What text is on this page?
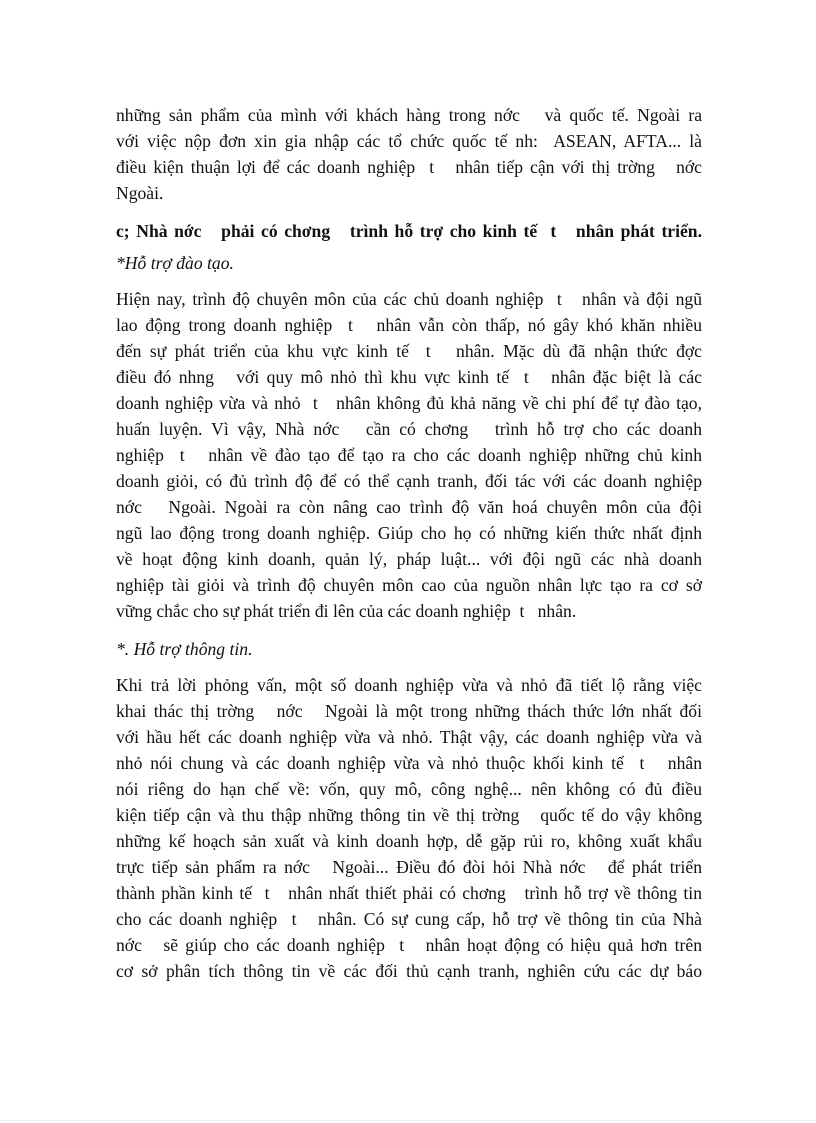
những sản phẩm của mình với khách hàng trong nớc   và quốc tế. Ngoài ra
với việc nộp đơn xin gia nhập các tổ chức quốc tế nh:  ASEAN, AFTA... là
điều kiện thuận lợi để các doanh nghiệp  t   nhân tiếp cận với thị trờng   nớc
Ngoài.
c; Nhà nớc   phải có chơng   trình hỗ trợ cho kinh tế  t   nhân phát triển.
*Hỗ trợ đào tạo.
Hiện nay, trình độ chuyên môn của các chủ doanh nghiệp  t   nhân và đội ngũ
lao động trong doanh nghiệp  t   nhân vẫn còn thấp, nó gây khó khăn nhiều
đến sự phát triển của khu vực kinh tế  t   nhân. Mặc dù đã nhận thức đợc
điều đó nhng   với quy mô nhỏ thì khu vực kinh tế  t   nhân đặc biệt là các
doanh nghiệp vừa và nhỏ  t   nhân không đủ khả năng về chi phí để tự đào tạo,
huấn luyện. Vì vậy, Nhà nớc   cần có chơng   trình hỗ trợ cho các doanh
nghiệp  t   nhân về đào tạo để tạo ra cho các doanh nghiệp những chủ kinh
doanh giỏi, có đủ trình độ để có thể cạnh tranh, đối tác với các doanh nghiệp
nớc   Ngoài. Ngoài ra còn nâng cao trình độ văn hoá chuyên môn của đội
ngũ lao động trong doanh nghiệp. Giúp cho họ có những kiến thức nhất định
về hoạt động kinh doanh, quản lý, pháp luật... với đội ngũ các nhà doanh
nghiệp tài giỏi và trình độ chuyên môn cao của nguồn nhân lực tạo ra cơ sở
vững chắc cho sự phát triển đi lên của các doanh nghiệp  t   nhân.
*. Hỗ trợ thông tin.
Khi trả lời phỏng vấn, một số doanh nghiệp vừa và nhỏ đã tiết lộ rằng việc
khai thác thị trờng   nớc   Ngoài là một trong những thách thức lớn nhất đối
với hầu hết các doanh nghiệp vừa và nhỏ. Thật vậy, các doanh nghiệp vừa và
nhỏ nói chung và các doanh nghiệp vừa và nhỏ thuộc khối kinh tế  t   nhân
nói riêng do hạn chế về: vốn, quy mô, công nghệ... nên không có đủ điều
kiện tiếp cận và thu thập những thông tin về thị trờng   quốc tế do vậy không
những kế hoạch sản xuất và kinh doanh hợp, dễ gặp rủi ro, không xuất khẩu
trực tiếp sản phẩm ra nớc   Ngoài... Điều đó đòi hỏi Nhà nớc   để phát triển
thành phần kinh tế  t   nhân nhất thiết phải có chơng   trình hỗ trợ về thông tin
cho các doanh nghiệp  t   nhân. Có sự cung cấp, hỗ trợ về thông tin của Nhà
nớc   sẽ giúp cho các doanh nghiệp  t   nhân hoạt động có hiệu quả hơn trên
cơ sở phân tích thông tin về các đối thủ cạnh tranh, nghiên cứu các dự báo
